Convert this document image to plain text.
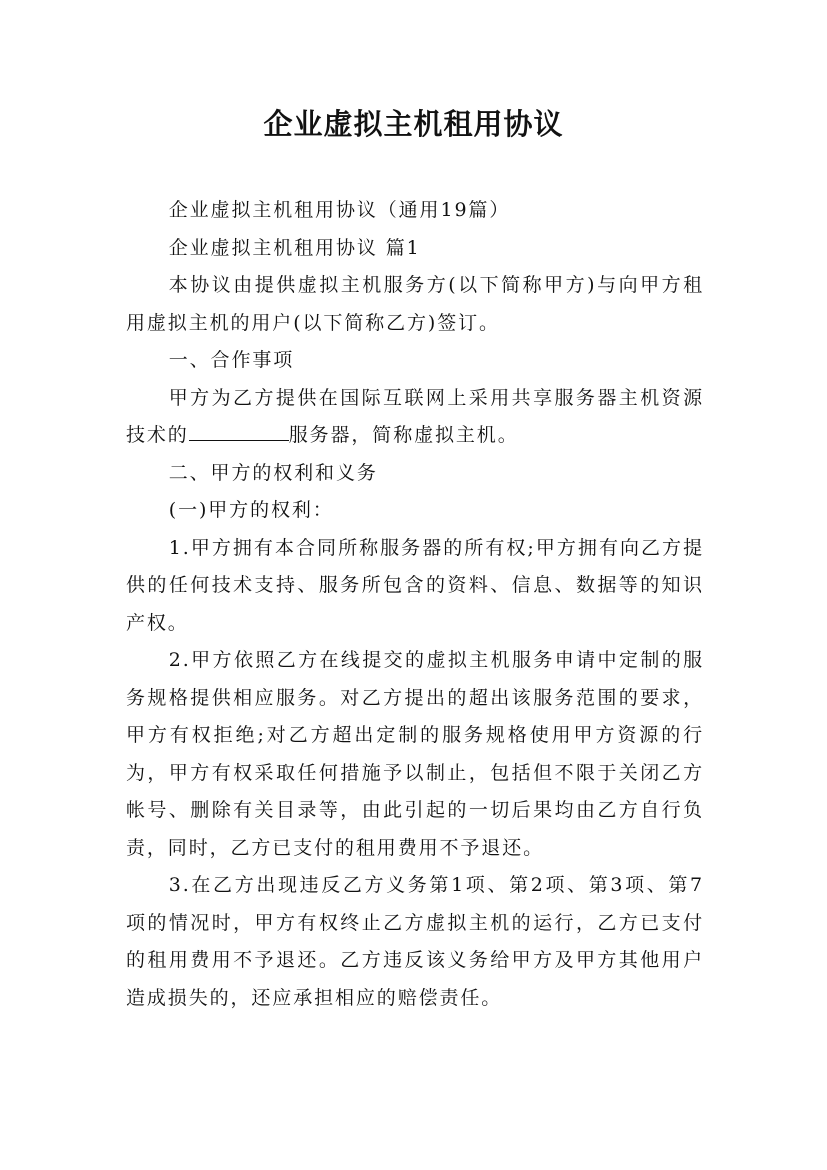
企业虚拟主机租用协议

企业虚拟主机租用协议（通用19篇）

企业虚拟主机租用协议 篇1

本协议由提供虚拟主机服务方(以下简称甲方)与向甲方租用虚拟主机的用户(以下简称乙方)签订。

一、合作事项

甲方为乙方提供在国际互联网上采用共享服务器主机资源技术的	服务器，简称虚拟主机。

二、甲方的权利和义务

(一)甲方的权利：

1.甲方拥有本合同所称服务器的所有权;甲方拥有向乙方提供的任何技术支持、服务所包含的资料、信息、数据等的知识产权。

2.甲方依照乙方在线提交的虚拟主机服务申请中定制的服务规格提供相应服务。对乙方提出的超出该服务范围的要求，甲方有权拒绝;对乙方超出定制的服务规格使用甲方资源的行为，甲方有权采取任何措施予以制止，包括但不限于关闭乙方帐号、删除有关目录等，由此引起的一切后果均由乙方自行负责，同时，乙方已支付的租用费用不予退还。

3.在乙方出现违反乙方义务第1项、第2项、第3项、第7项的情况时，甲方有权终止乙方虚拟主机的运行，乙方已支付的租用费用不予退还。乙方违反该义务给甲方及甲方其他用户造成损失的，还应承担相应的赔偿责任。
